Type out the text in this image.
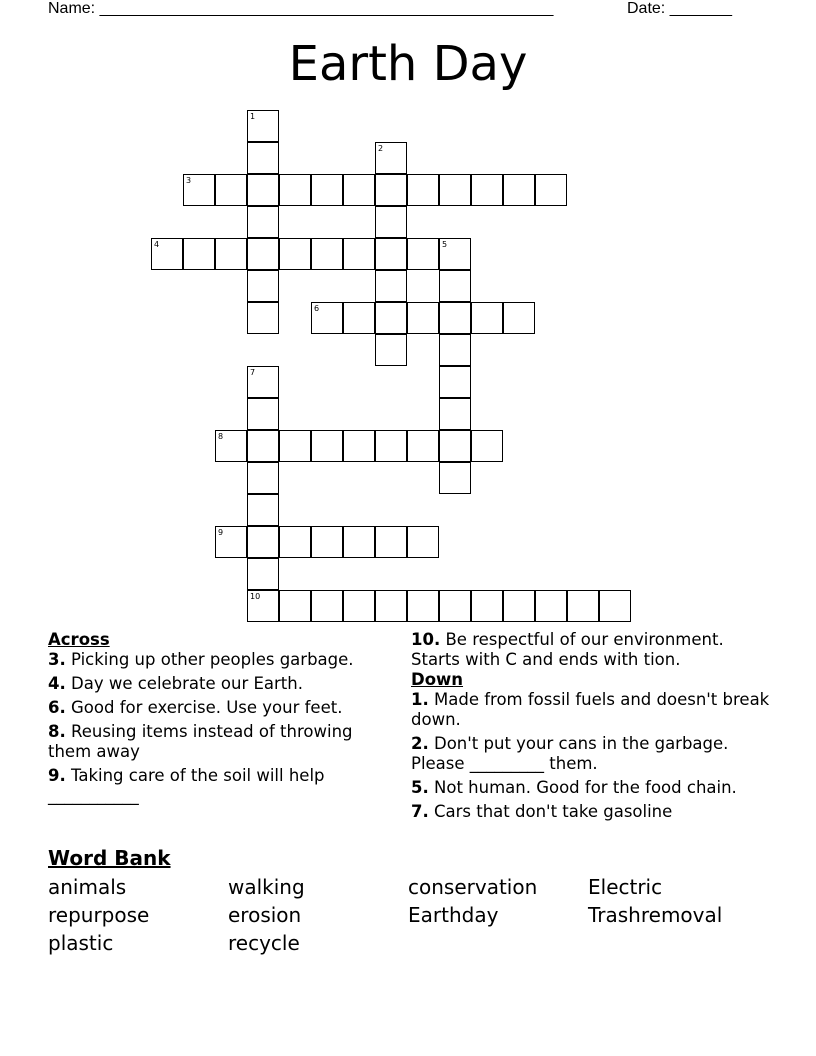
Name: ___________________________________________________	Date: _______
Earth Day
1
2
3
4	5
6
7
10
8
9
Across
3. Picking up other peoples garbage.
4. Day we celebrate our Earth.
6. Good for exercise. Use your feet.
8. Reusing items instead of throwing them away
9. Taking care of the soil will help ___________
10. Be respectful of our environment. Starts with C and ends with tion.
Down
1. Made from fossil fuels and doesn't break down.
2. Don't put your cans in the garbage. Please _________ them.
5. Not human. Good for the food chain.
7. Cars that don't take gasoline
Word Bank
animals	walking	conservation	Electric
repurpose	erosion	Earthday	Trashremoval
plastic	recycle
